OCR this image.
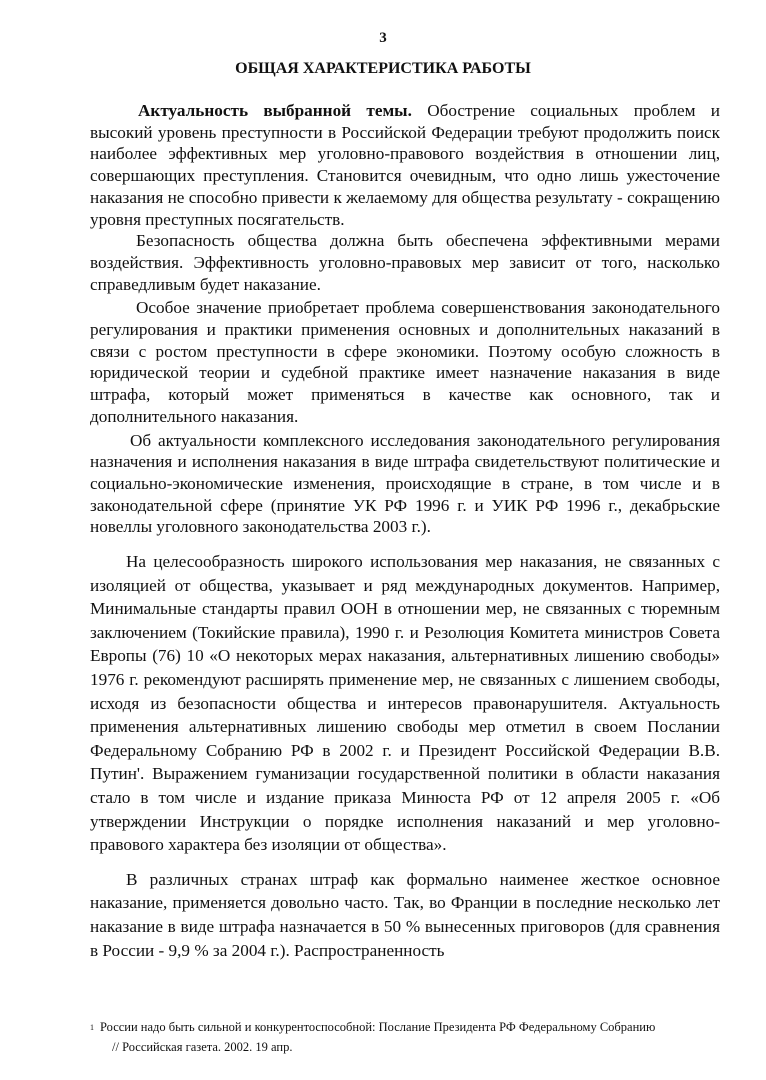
3
ОБЩАЯ ХАРАКТЕРИСТИКА РАБОТЫ

Актуальность выбранной темы. Обострение социальных проблем и высокий уровень преступности в Российской Федерации требуют продолжить поиск наиболее эффективных мер уголовно-правового воздействия в отношении лиц, совершающих преступления. Становится очевидным, что одно лишь ужесточение наказания не способно привести к желаемому для общества результату - сокращению уровня преступных посягательств.

Безопасность общества должна быть обеспечена эффективными мерами воздействия. Эффективность уголовно-правовых мер зависит от того, насколько справедливым будет наказание.

Особое значение приобретает проблема совершенствования законодательного регулирования и практики применения основных и дополнительных наказаний в связи с ростом преступности в сфере экономики. Поэтому особую сложность в юридической теории и судебной практике имеет назначение наказания в виде штрафа, который может применяться в качестве как основного, так и дополнительного наказания.

Об актуальности комплексного исследования законодательного регулирования назначения и исполнения наказания в виде штрафа свидетельствуют политические и социально-экономические изменения, происходящие в стране, в том числе и в законодательной сфере (принятие УК РФ 1996 г. и УИК РФ 1996 г., декабрьские новеллы уголовного законодательства 2003 г.).

На целесообразность широкого использования мер наказания, не связанных с изоляцией от общества, указывает и ряд международных документов. Например, Минимальные стандарты правил ООН в отношении мер, не связанных с тюремным заключением (Токийские правила), 1990 г. и Резолюция Комитета министров Совета Европы (76) 10 «О некоторых мерах наказания, альтернативных лишению свободы» 1976 г. рекомендуют расширять применение мер, не связанных с лишением свободы, исходя из безопасности общества и интересов правонарушителя. Актуальность применения альтернативных лишению свободы мер отметил в своем Послании Федеральному Собранию РФ в 2002 г. и Президент Российской Федерации В.В. Путин'. Выражением гуманизации государственной политики в области наказания стало в том числе и издание приказа Минюста РФ от 12 апреля 2005 г. «Об утверждении Инструкции о порядке исполнения наказаний и мер уголовно-правового характера без изоляции от общества».

В различных странах штраф как формально наименее жесткое основное наказание, применяется довольно часто. Так, во Франции в последние несколько лет наказание в виде штрафа назначается в 50 % вынесенных приговоров (для сравнения в России - 9,9 % за 2004 г.). Распространенность

$^1$ России надо быть сильной и конкурентоспособной: Послание Президента РФ Федеральному Собранию
// Российская газета. 2002. 19 апр.
